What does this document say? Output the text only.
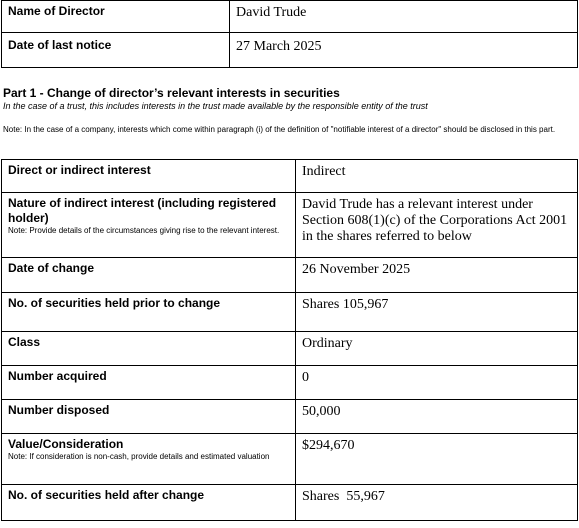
Name of Director	David Trude
Date of last notice	27 March 2025
Part 1 - Change of director’s relevant interests in securities
In the case of a trust, this includes interests in the trust made available by the responsible entity of the trust
Note: In the case of a company, interests which come within paragraph (i) of the definition of "notifiable interest of a director" should be disclosed in this part.
Direct or indirect interest	Indirect
Nature of indirect interest (including registered holder)
Note: Provide details of the circumstances giving rise to the relevant interest.	David Trude has a relevant interest under Section 608(1)(c) of the Corporations Act 2001 in the shares referred to below
Date of change	26 November 2025
No. of securities held prior to change	Shares 105,967
Class	Ordinary
Number acquired	0
Number disposed	50,000
Value/Consideration
Note: If consideration is non-cash, provide details and estimated valuation	$294,670
No. of securities held after change	Shares  55,967
